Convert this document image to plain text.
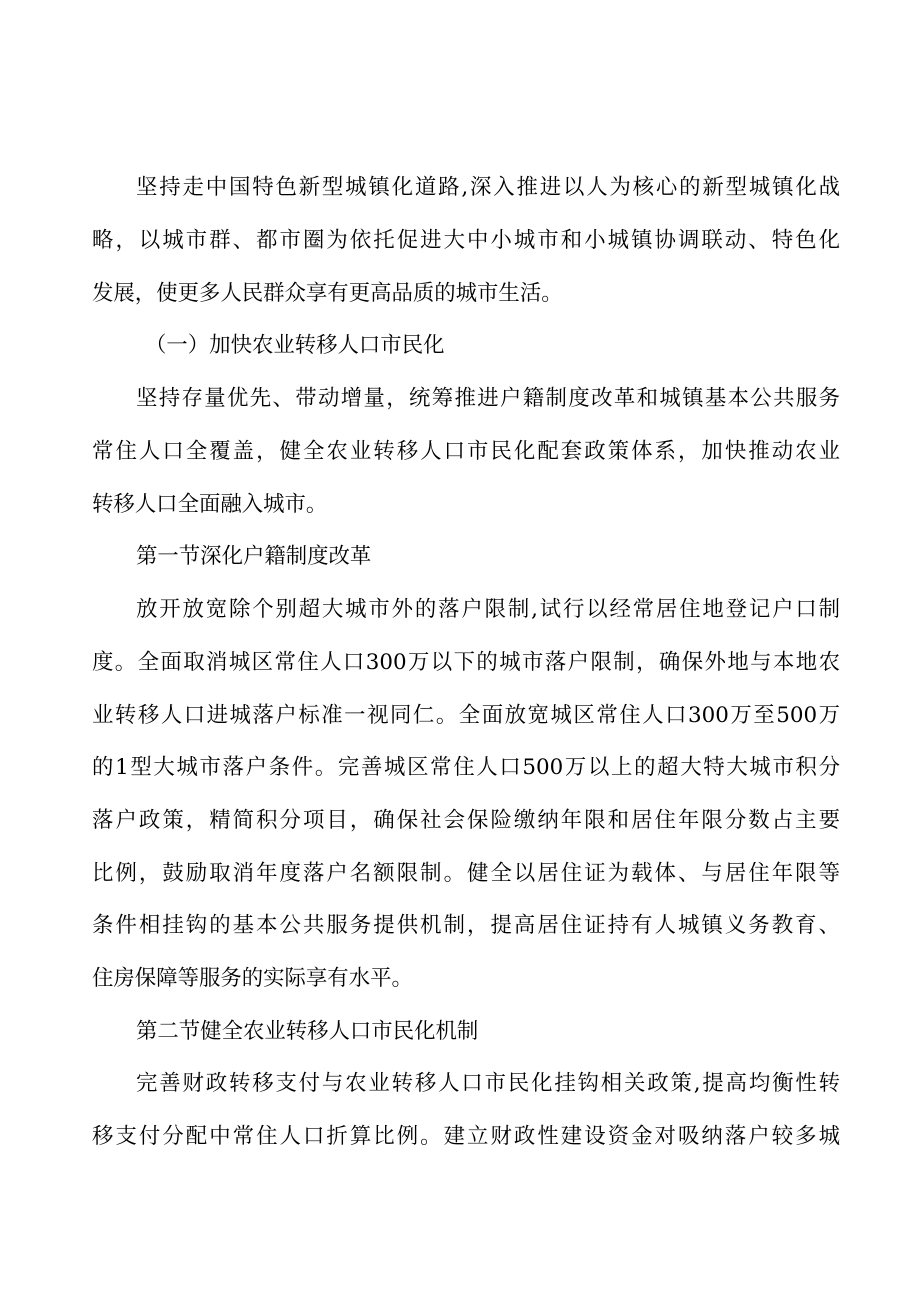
坚持走中国特色新型城镇化道路,深入推进以人为核心的新型城镇化战
略，以城市群、都市圈为依托促进大中小城市和小城镇协调联动、特色化
发展，使更多人民群众享有更高品质的城市生活。
（一）加快农业转移人口市民化
坚持存量优先、带动增量，统筹推进户籍制度改革和城镇基本公共服务
常住人口全覆盖，健全农业转移人口市民化配套政策体系，加快推动农业
转移人口全面融入城市。
第一节深化户籍制度改革
放开放宽除个别超大城市外的落户限制,试行以经常居住地登记户口制
度。全面取消城区常住人口300万以下的城市落户限制，确保外地与本地农
业转移人口进城落户标准一视同仁。全面放宽城区常住人口300万至500万
的1型大城市落户条件。完善城区常住人口500万以上的超大特大城市积分
落户政策，精简积分项目，确保社会保险缴纳年限和居住年限分数占主要
比例，鼓励取消年度落户名额限制。健全以居住证为载体、与居住年限等
条件相挂钩的基本公共服务提供机制，提高居住证持有人城镇义务教育、
住房保障等服务的实际享有水平。
第二节健全农业转移人口市民化机制
完善财政转移支付与农业转移人口市民化挂钩相关政策,提高均衡性转
移支付分配中常住人口折算比例。建立财政性建设资金对吸纳落户较多城
